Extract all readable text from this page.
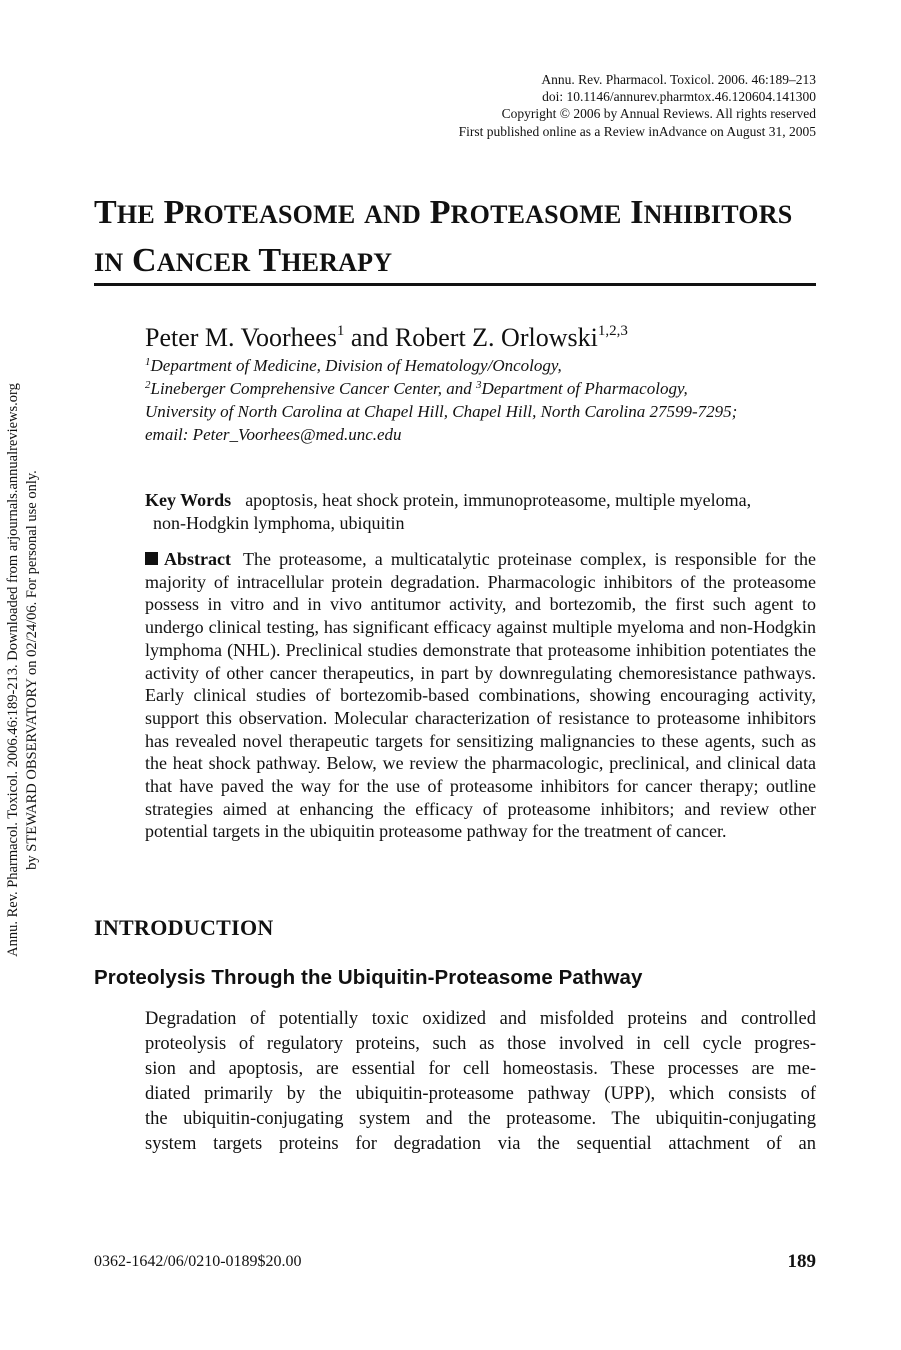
Annu. Rev. Pharmacol. Toxicol. 2006.46:189-213. Downloaded from arjournals.annualreviews.org by STEWARD OBSERVATORY on 02/24/06. For personal use only.
Annu. Rev. Pharmacol. Toxicol. 2006. 46:189–213
doi: 10.1146/annurev.pharmtox.46.120604.141300
Copyright © 2006 by Annual Reviews. All rights reserved
First published online as a Review inAdvance on August 31, 2005
THE PROTEASOME AND PROTEASOME INHIBITORS
IN CANCER THERAPY
Peter M. Voorhees$^1$ and Robert Z. Orlowski$^{1,2,3}$
$^1$Department of Medicine, Division of Hematology/Oncology,
$^2$Lineberger Comprehensive Cancer Center, and $^3$Department of Pharmacology,
University of North Carolina at Chapel Hill, Chapel Hill, North Carolina 27599-7295;
email: Peter_Voorhees@med.unc.edu
Key Words apoptosis, heat shock protein, immunoproteasome, multiple myeloma,
non-Hodgkin lymphoma, ubiquitin
Abstract The proteasome, a multicatalytic proteinase complex, is responsible for the majority of intracellular protein degradation. Pharmacologic inhibitors of the proteasome possess in vitro and in vivo antitumor activity, and bortezomib, the first such agent to undergo clinical testing, has significant efficacy against multiple myeloma and non-Hodgkin lymphoma (NHL). Preclinical studies demonstrate that proteasome inhibition potentiates the activity of other cancer therapeutics, in part by downregulating chemoresistance pathways. Early clinical studies of bortezomib-based combinations, showing encouraging activity, support this observation. Molecular characterization of resistance to proteasome inhibitors has revealed novel therapeutic targets for sensitizing malignancies to these agents, such as the heat shock pathway. Below, we review the pharmacologic, preclinical, and clinical data that have paved the way for the use of proteasome inhibitors for cancer therapy; outline strategies aimed at enhancing the efficacy of proteasome inhibitors; and review other potential targets in the ubiquitin proteasome pathway for the treatment of cancer.
INTRODUCTION
Proteolysis Through the Ubiquitin-Proteasome Pathway
Degradation of potentially toxic oxidized and misfolded proteins and controlled
proteolysis of regulatory proteins, such as those involved in cell cycle progres-
sion and apoptosis, are essential for cell homeostasis. These processes are me-
diated primarily by the ubiquitin-proteasome pathway (UPP), which consists of
the ubiquitin-conjugating system and the proteasome. The ubiquitin-conjugating
system targets proteins for degradation via the sequential attachment of an
0362-1642/06/0210-0189$20.00	189
